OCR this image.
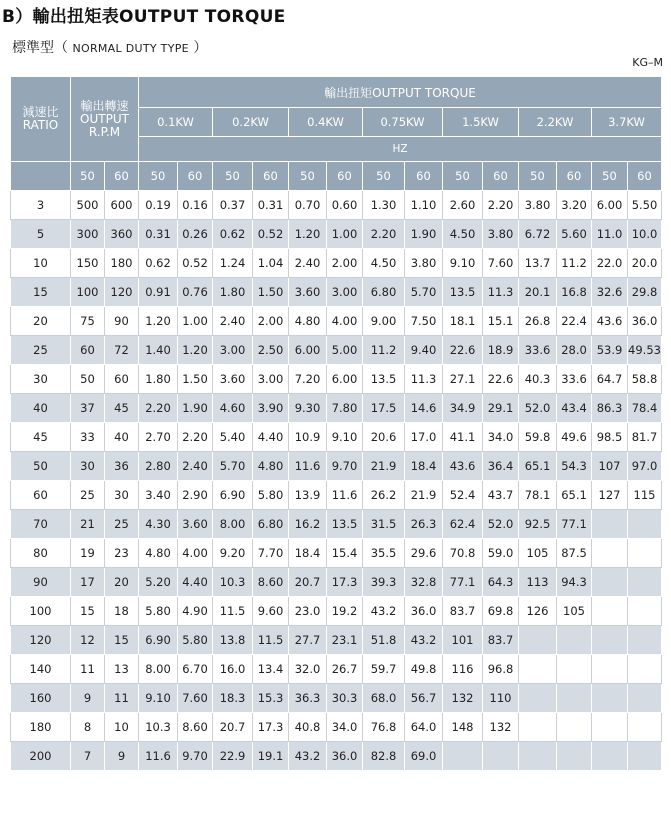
B）輸出扭矩表OUTPUT TORQUE
標準型（ NORMAL DUTY TYPE ）
KG–M
減速比
RATIO	輸出轉速
OUTPUT
R.P.M		輸出扭矩OUTPUT TORQUE													
			0.1KW		0.2KW		0.4KW		0.75KW		1.5KW		2.2KW		3.7KW	
			HZ													
	50	60	50	60	50	60	50	60	50	60	50	60	50	60	50	60
3	500	600	0.19	0.16	0.37	0.31	0.70	0.60	1.30	1.10	2.60	2.20	3.80	3.20	6.00	5.50
5	300	360	0.31	0.26	0.62	0.52	1.20	1.00	2.20	1.90	4.50	3.80	6.72	5.60	11.0	10.0
10	150	180	0.62	0.52	1.24	1.04	2.40	2.00	4.50	3.80	9.10	7.60	13.7	11.2	22.0	20.0
15	100	120	0.91	0.76	1.80	1.50	3.60	3.00	6.80	5.70	13.5	11.3	20.1	16.8	32.6	29.8
20	75	90	1.20	1.00	2.40	2.00	4.80	4.00	9.00	7.50	18.1	15.1	26.8	22.4	43.6	36.0
25	60	72	1.40	1.20	3.00	2.50	6.00	5.00	11.2	9.40	22.6	18.9	33.6	28.0	53.9	49.53
30	50	60	1.80	1.50	3.60	3.00	7.20	6.00	13.5	11.3	27.1	22.6	40.3	33.6	64.7	58.8
40	37	45	2.20	1.90	4.60	3.90	9.30	7.80	17.5	14.6	34.9	29.1	52.0	43.4	86.3	78.4
45	33	40	2.70	2.20	5.40	4.40	10.9	9.10	20.6	17.0	41.1	34.0	59.8	49.6	98.5	81.7
50	30	36	2.80	2.40	5.70	4.80	11.6	9.70	21.9	18.4	43.6	36.4	65.1	54.3	107	97.0
60	25	30	3.40	2.90	6.90	5.80	13.9	11.6	26.2	21.9	52.4	43.7	78.1	65.1	127	115
70	21	25	4.30	3.60	8.00	6.80	16.2	13.5	31.5	26.3	62.4	52.0	92.5	77.1		
80	19	23	4.80	4.00	9.20	7.70	18.4	15.4	35.5	29.6	70.8	59.0	105	87.5		
90	17	20	5.20	4.40	10.3	8.60	20.7	17.3	39.3	32.8	77.1	64.3	113	94.3		
100	15	18	5.80	4.90	11.5	9.60	23.0	19.2	43.2	36.0	83.7	69.8	126	105		
120	12	15	6.90	5.80	13.8	11.5	27.7	23.1	51.8	43.2	101	83.7				
140	11	13	8.00	6.70	16.0	13.4	32.0	26.7	59.7	49.8	116	96.8				
160	9	11	9.10	7.60	18.3	15.3	36.3	30.3	68.0	56.7	132	110				
180	8	10	10.3	8.60	20.7	17.3	40.8	34.0	76.8	64.0	148	132				
200	7	9	11.6	9.70	22.9	19.1	43.2	36.0	82.8	69.0						
